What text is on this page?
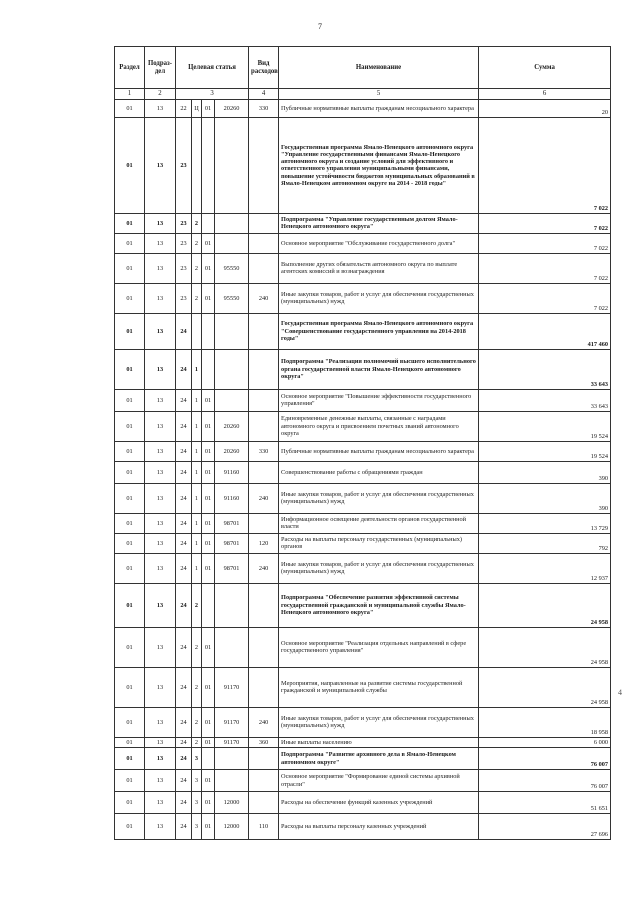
7
4
Раздел	Подраз-дел	Целевая статья				Вид расходов	Наименование	Сумма
1	2	3				4	5	6
01	13	22	Ц	01	20260	330	Публичные нормативные выплаты гражданам несоциального характера	20
01	13	23					Государственная программа Ямало-Ненецкого автономного округа "Управление государственными финансами Ямало-Ненецкого автономного округа и создание условий для эффективного и ответственного управления муниципальными финансами, повышение устойчивости бюджетов муниципальных образований в Ямало-Ненецком автономном округе на 2014 - 2018 годы"	7 022
01	13	23	2				Подпрограмма "Управление государственным долгом Ямало-Ненецкого автономного округа"	7 022
01	13	23	2	01			Основное мероприятие "Обслуживание государственного долга"	7 022
01	13	23	2	01	95550		Выполнение других обязательств автономного округа по выплате агентских комиссий и вознаграждения	7 022
01	13	23	2	01	95550	240	Иные закупки товаров, работ и услуг для обеспечения государственных (муниципальных) нужд	7 022
01	13	24					Государственная программа Ямало-Ненецкого автономного округа "Совершенствование государственного управления на 2014-2018 годы"	417 460
01	13	24	1				Подпрограмма "Реализация полномочий высшего исполнительного органа государственной власти Ямало-Ненецкого автономного округа"	33 643
01	13	24	1	01			Основное мероприятие "Повышение эффективности государственного управления"	33 643
01	13	24	1	01	20260		Единовременные денежные выплаты, связанные с наградами автономного округа и присвоением почетных званий автономного округа	19 524
01	13	24	1	01	20260	330	Публичные нормативные выплаты гражданам несоциального характера	19 524
01	13	24	1	01	91160		Совершенствование работы с обращениями граждан	390
01	13	24	1	01	91160	240	Иные закупки товаров, работ и услуг для обеспечения государственных (муниципальных) нужд	390
01	13	24	1	01	98701		Информационное освещение деятельности органов государственной власти	13 729
01	13	24	1	01	98701	120	Расходы на выплаты персоналу государственных (муниципальных) органов	792
01	13	24	1	01	98701	240	Иные закупки товаров, работ и услуг для обеспечения государственных (муниципальных) нужд	12 937
01	13	24	2				Подпрограмма "Обеспечение развития эффективной системы государственной гражданской и муниципальной службы Ямало-Ненецкого автономного округа"	24 958
01	13	24	2	01			Основное мероприятие "Реализация отдельных направлений в сфере государственного управления"	24 958
01	13	24	2	01	91170		Мероприятия, направленные на развитие системы государственной гражданской и муниципальной службы	24 958
01	13	24	2	01	91170	240	Иные закупки товаров, работ и услуг для обеспечения государственных (муниципальных) нужд	18 958
01	13	24	2	01	91170	360	Иные выплаты населению	6 000
01	13	24	3				Подпрограмма "Развитие архивного дела в Ямало-Ненецком автономном округе"	76 007
01	13	24	3	01			Основное мероприятие "Формирование единой системы архивной отрасли"	76 007
01	13	24	3	01	12000		Расходы на обеспечение функций казенных учреждений	51 651
01	13	24	3	01	12000	110	Расходы на выплаты персоналу казенных учреждений	27 696
